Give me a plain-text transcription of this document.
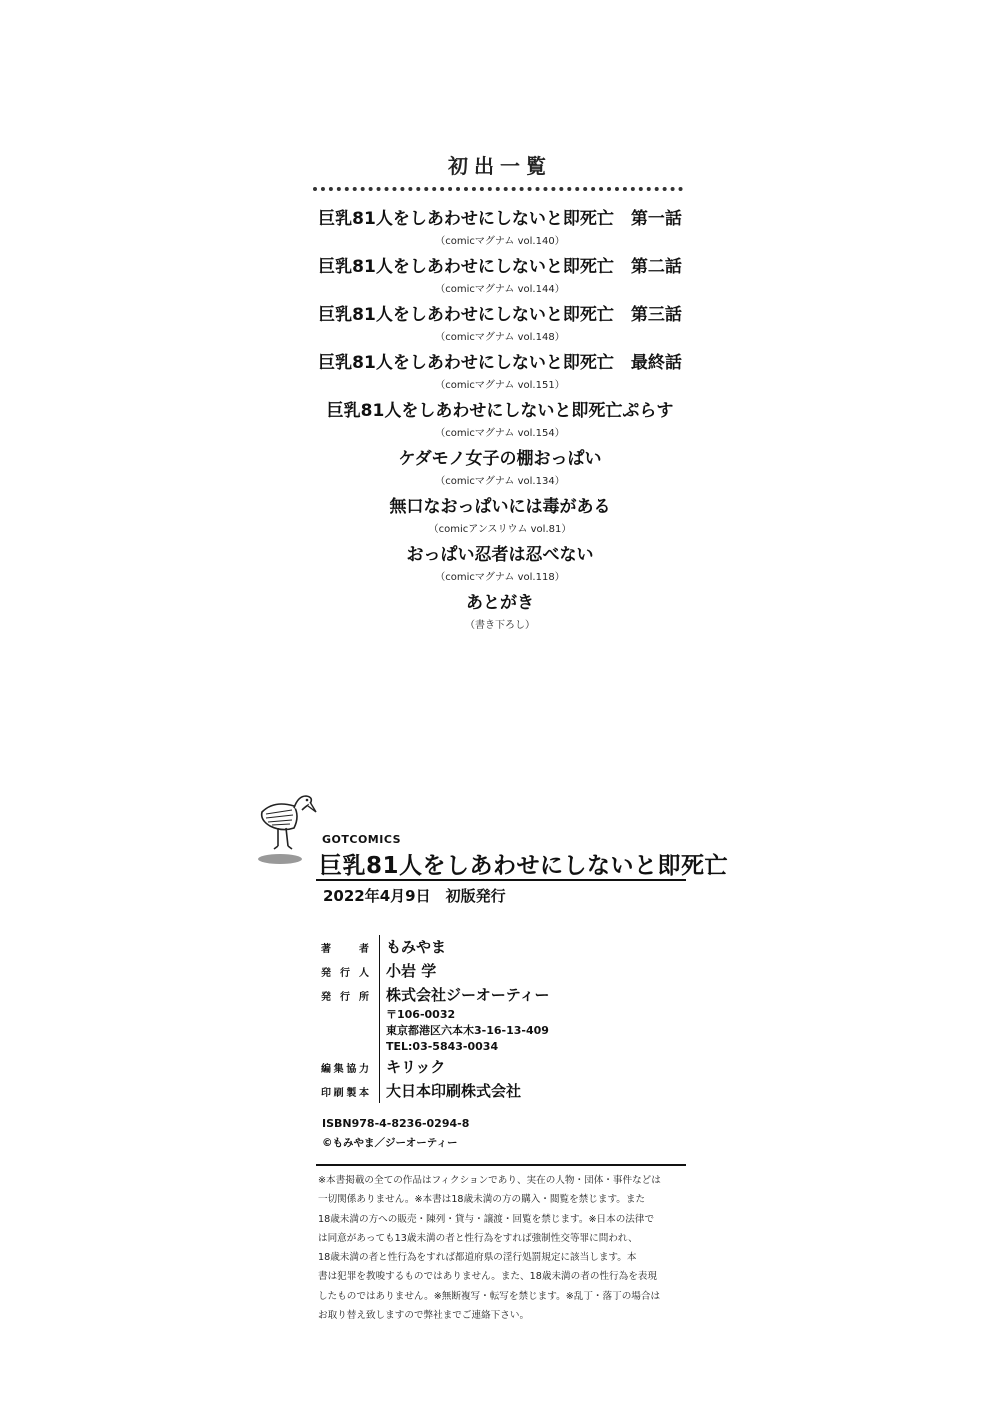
初出一覧
巨乳81人をしあわせにしないと即死亡　第一話
（comicマグナム vol.140）
巨乳81人をしあわせにしないと即死亡　第二話
（comicマグナム vol.144）
巨乳81人をしあわせにしないと即死亡　第三話
（comicマグナム vol.148）
巨乳81人をしあわせにしないと即死亡　最終話
（comicマグナム vol.151）
巨乳81人をしあわせにしないと即死亡ぷらす
（comicマグナム vol.154）
ケダモノ女子の棚おっぱい
（comicマグナム vol.134）
無口なおっぱいには毒がある
（comicアンスリウム vol.81）
おっぱい忍者は忍べない
（comicマグナム vol.118）
あとがき
（書き下ろし）
GOTCOMICS
巨乳81人をしあわせにしないと即死亡
2022年4月9日　初版発行
著　者	もみやま
発行人	小岩 学
発行所	株式会社ジーオーティー
〒106-0032
東京都港区六本木3-16-13-409
TEL:03-5843-0034
編集協力	キリック
印刷製本	大日本印刷株式会社
ISBN978-4-8236-0294-8
©もみやま／ジーオーティー
※本書掲載の全ての作品はフィクションであり、実在の人物・団体・事件などは
一切関係ありません。※本書は18歳未満の方の購入・閲覧を禁じます。また
18歳未満の方への販売・陳列・貸与・譲渡・回覧を禁じます。※日本の法律で
は同意があっても13歳未満の者と性行為をすれば強制性交等罪に問われ、
18歳未満の者と性行為をすれば都道府県の淫行処罰規定に該当します。本
書は犯罪を教唆するものではありません。また、18歳未満の者の性行為を表現
したものではありません。※無断複写・転写を禁じます。※乱丁・落丁の場合は
お取り替え致しますので弊社までご連絡下さい。
